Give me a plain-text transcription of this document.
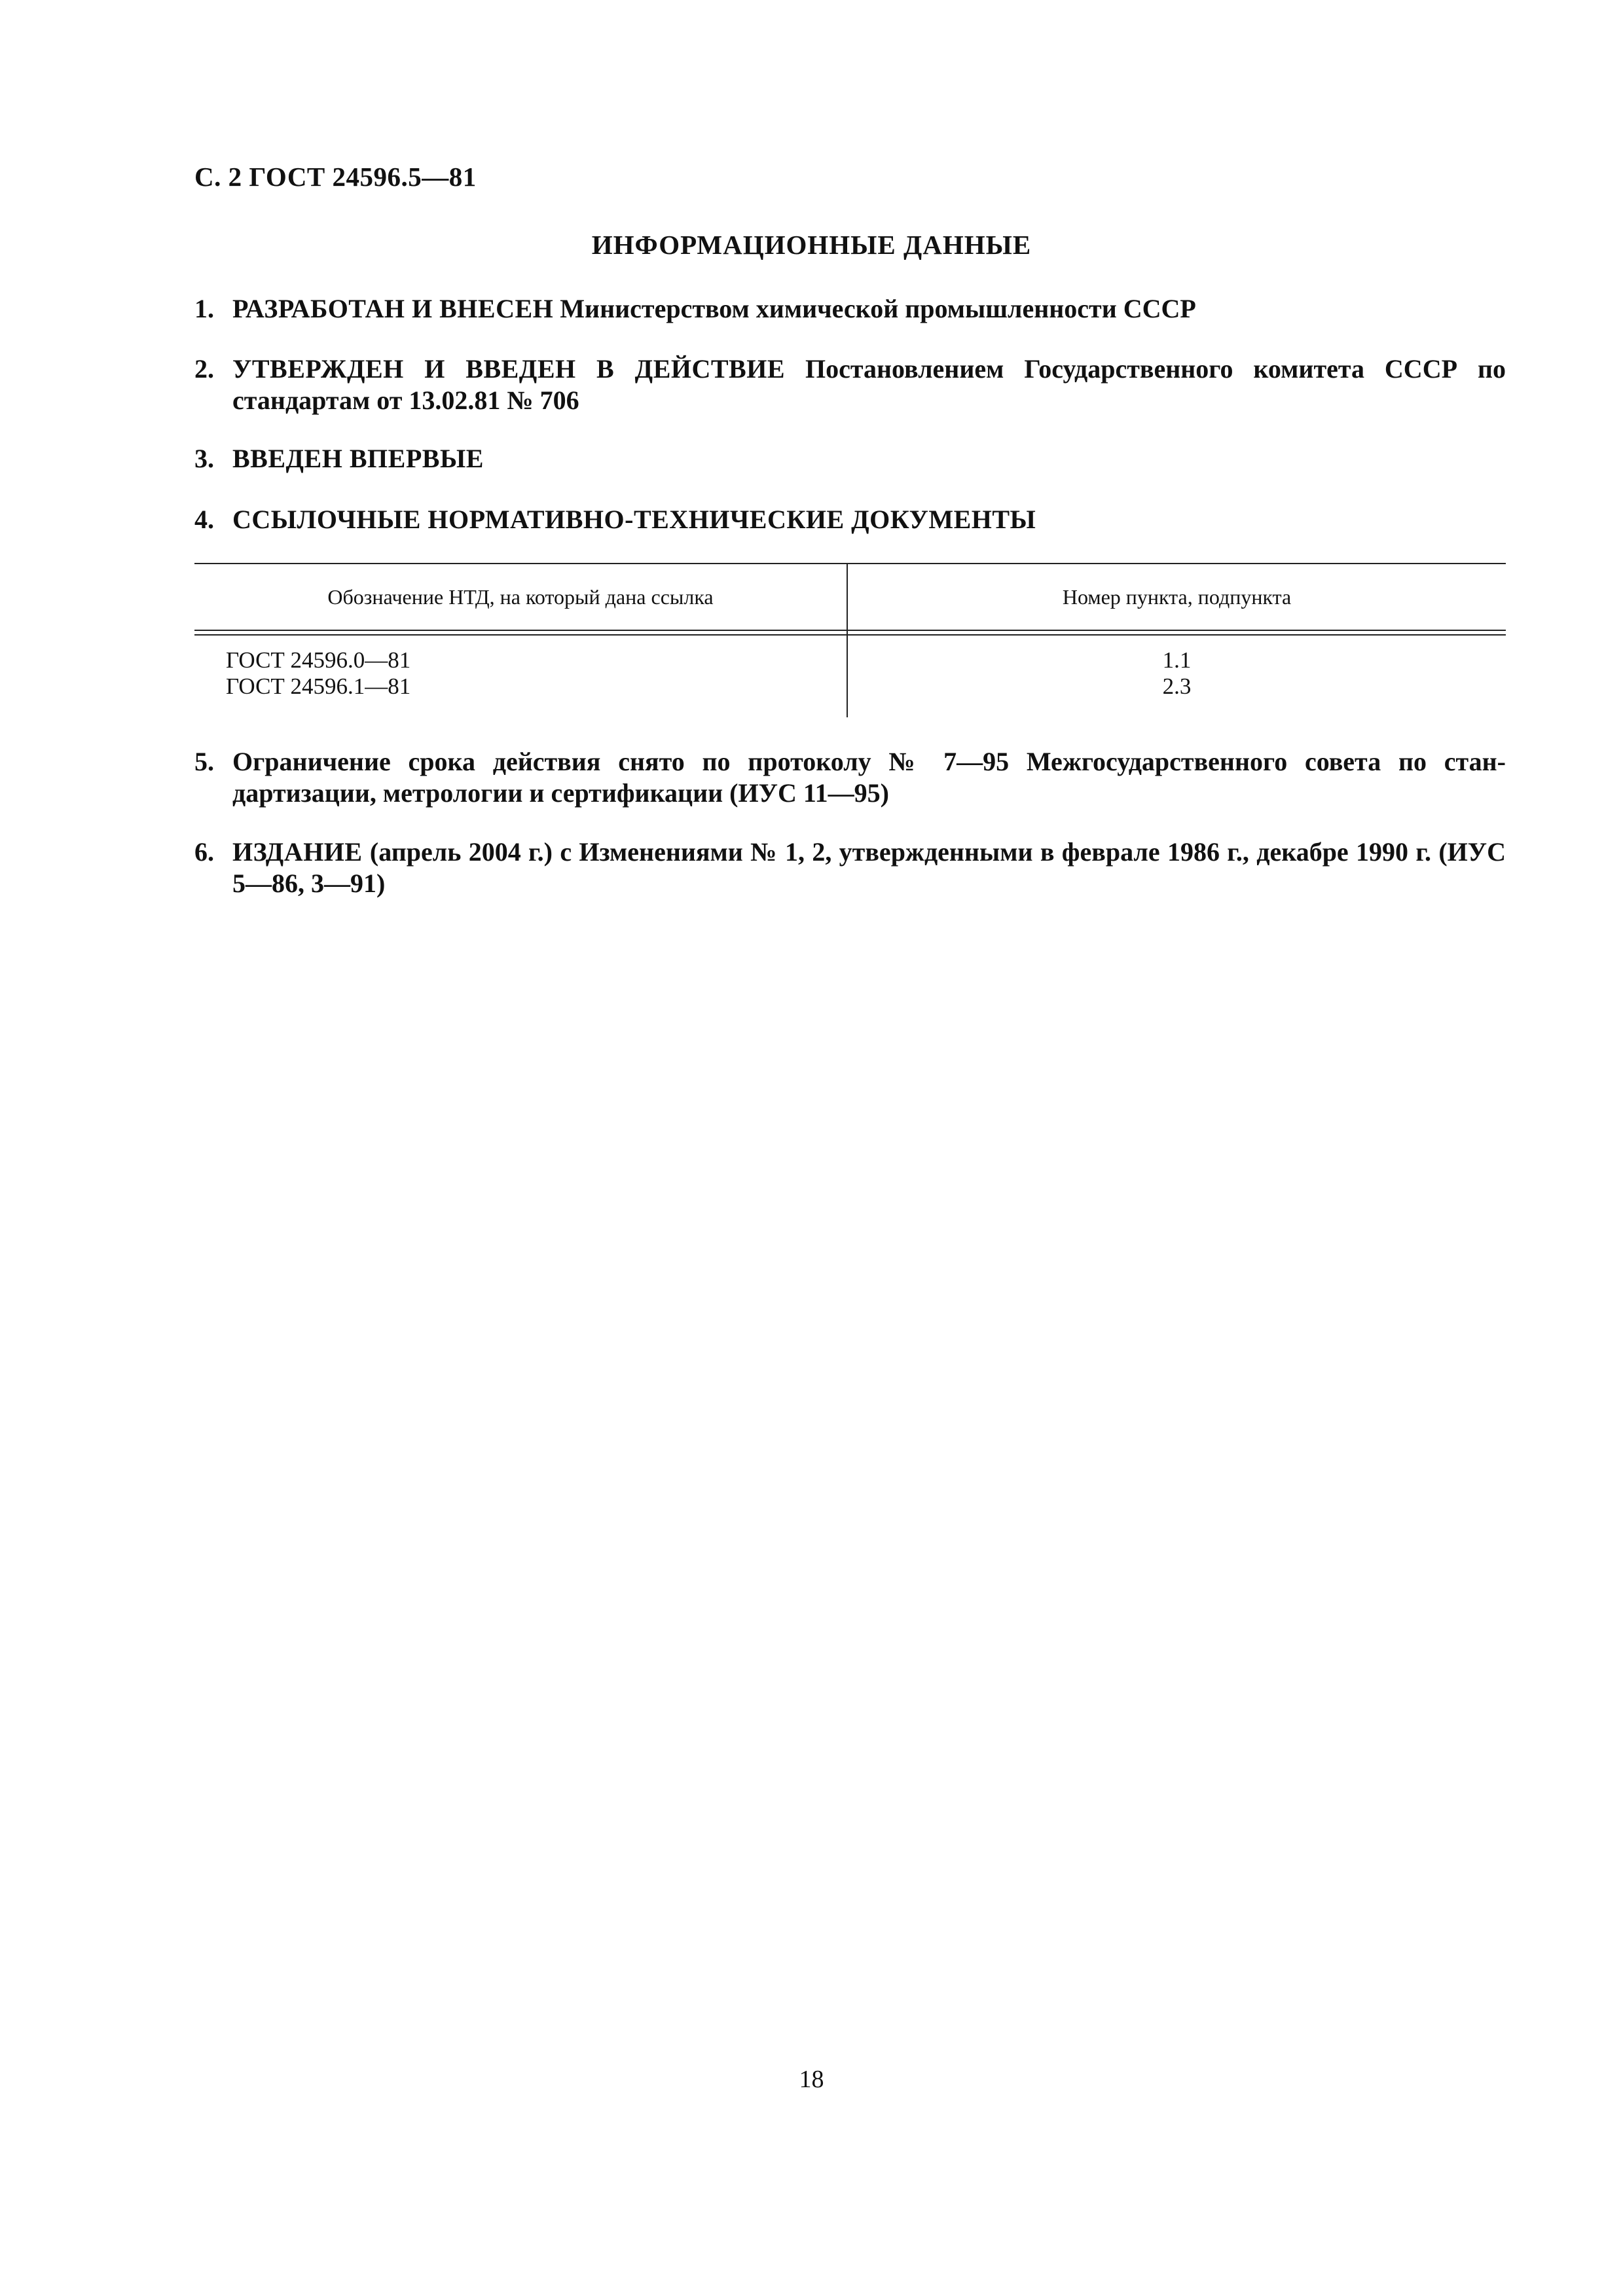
С. 2 ГОСТ 24596.5—81
ИНФОРМАЦИОННЫЕ ДАННЫЕ
1. РАЗРАБОТАН И ВНЕСЕН Министерством химической промышленности СССР
2. УТВЕРЖДЕН И ВВЕДЕН В ДЕЙСТВИЕ Постановлением Государственного комитета СССР по стандартам от 13.02.81 № 706
3. ВВЕДЕН ВПЕРВЫЕ
4. ССЫЛОЧНЫЕ НОРМАТИВНО-ТЕХНИЧЕСКИЕ ДОКУМЕНТЫ
Обозначение НТД, на который дана ссылка	Номер пункта, подпункта
ГОСТ 24596.0—81	1.1
ГОСТ 24596.1—81	2.3
5. Ограничение срока действия снято по протоколу № 7—95 Межгосударственного совета по стан-дартизации, метрологии и сертификации (ИУС 11—95)
6. ИЗДАНИЕ (апрель 2004 г.) с Изменениями № 1, 2, утвержденными в феврале 1986 г., декабре 1990 г. (ИУС 5—86, 3—91)
18
